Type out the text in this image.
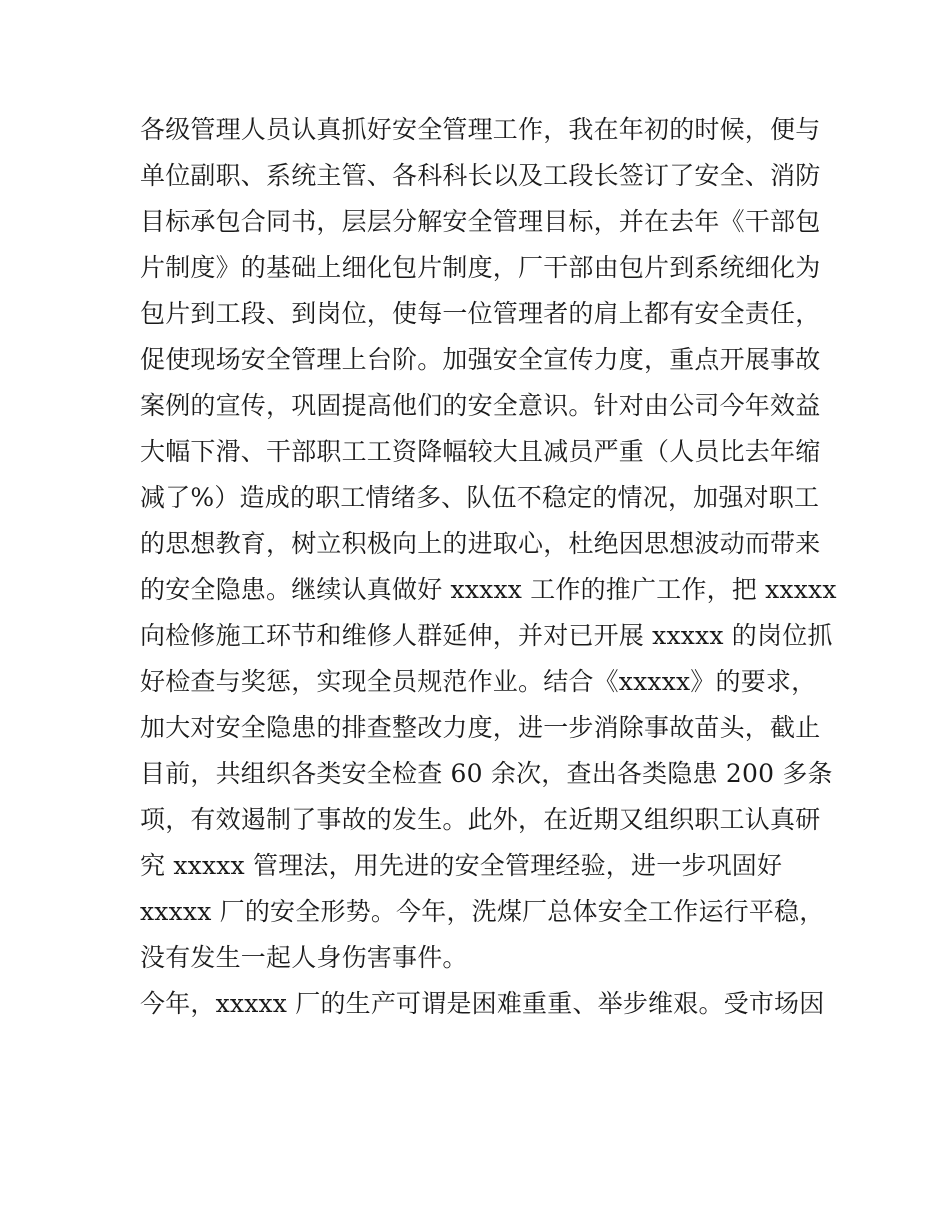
各级管理人员认真抓好安全管理工作，我在年初的时候，便与
单位副职、系统主管、各科科长以及工段长签订了安全、消防
目标承包合同书，层层分解安全管理目标，并在去年《干部包
片制度》的基础上细化包片制度，厂干部由包片到系统细化为
包片到工段、到岗位，使每一位管理者的肩上都有安全责任，
促使现场安全管理上台阶。加强安全宣传力度，重点开展事故
案例的宣传，巩固提高他们的安全意识。针对由公司今年效益
大幅下滑、干部职工工资降幅较大且减员严重（人员比去年缩
减了%）造成的职工情绪多、队伍不稳定的情况，加强对职工
的思想教育，树立积极向上的进取心，杜绝因思想波动而带来
的安全隐患。继续认真做好 xxxxx 工作的推广工作，把 xxxxx
向检修施工环节和维修人群延伸，并对已开展 xxxxx 的岗位抓
好检查与奖惩，实现全员规范作业。结合《xxxxx》的要求，
加大对安全隐患的排查整改力度，进一步消除事故苗头，截止
目前，共组织各类安全检查 60 余次，查出各类隐患 200 多条
项，有效遏制了事故的发生。此外，在近期又组织职工认真研
究 xxxxx 管理法，用先进的安全管理经验，进一步巩固好
xxxxx 厂的安全形势。今年，洗煤厂总体安全工作运行平稳，
没有发生一起人身伤害事件。
今年，xxxxx 厂的生产可谓是困难重重、举步维艰。受市场因
